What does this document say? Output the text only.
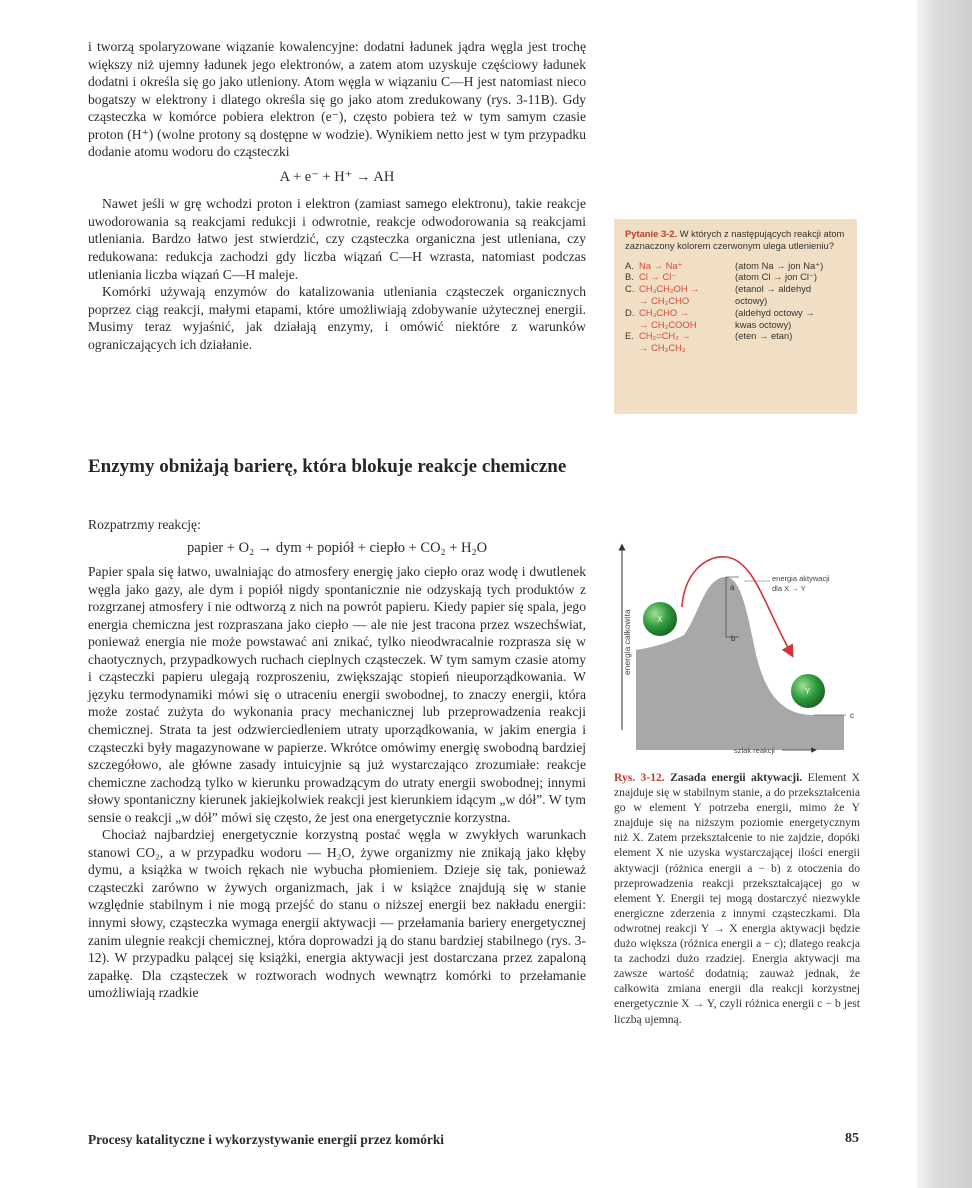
i tworzą spolaryzowane wiązanie kowalencyjne: dodatni ładunek jądra węgla jest trochę większy niż ujemny ładunek jego elektronów, a zatem atom uzyskuje częściowy ładunek dodatni i określa się go jako utleniony. Atom węgla w wiązaniu C—H jest natomiast nieco bogatszy w elektrony i dlatego określa się go jako atom zredukowany (rys. 3-11B). Gdy cząsteczka w komórce pobiera elektron (e⁻), często pobiera też w tym samym czasie proton (H⁺) (wolne protony są dostępne w wodzie). Wynikiem netto jest w tym przypadku dodanie atomu wodoru do cząsteczki

A + e⁻ + H⁺ → AH

Nawet jeśli w grę wchodzi proton i elektron (zamiast samego elektronu), takie reakcje uwodorowania są reakcjami redukcji i odwrotnie, reakcje odwodorowania są reakcjami utleniania. Bardzo łatwo jest stwierdzić, czy cząsteczka organiczna jest utleniana, czy redukowana: redukcja zachodzi gdy liczba wiązań C—H wzrasta, natomiast podczas utleniania liczba wiązań C—H maleje.

Komórki używają enzymów do katalizowania utleniania cząsteczek organicznych poprzez ciąg reakcji, małymi etapami, które umożliwiają zdobywanie użytecznej energii. Musimy teraz wyjaśnić, jak działają enzymy, i omówić niektóre z warunków ograniczających ich działanie.

Enzymy obniżają barierę, która blokuje reakcje chemiczne

Rozpatrzmy reakcję:

papier + O₂ → dym + popiół + ciepło + CO₂ + H₂O

Papier spala się łatwo, uwalniając do atmosfery energię jako ciepło oraz wodę i dwutlenek węgla jako gazy, ale dym i popiół nigdy spontanicznie nie odzyskają tych produktów z rozgrzanej atmosfery i nie odtworzą z nich na powrót papieru. Kiedy papier się spala, jego energia chemiczna jest rozpraszana jako ciepło — ale nie jest tracona przez wszechświat, ponieważ energia nie może powstawać ani znikać, tylko nieodwracalnie rozprasza się w chaotycznych, przypadkowych ruchach cieplnych cząsteczek. W tym samym czasie atomy i cząsteczki papieru ulegają rozproszeniu, zwiększając stopień nieuporządkowania. W języku termodynamiki mówi się o utraceniu energii swobodnej, to znaczy energii, która może zostać zużyta do wykonania pracy mechanicznej lub przeprowadzenia reakcji chemicznej. Strata ta jest odzwierciedleniem utraty uporządkowania, w jakim energia i cząsteczki były magazynowane w papierze. Wkrótce omówimy energię swobodną bardziej szczegółowo, ale główne zasady intuicyjnie są już wystarczająco zrozumiałe: reakcje chemiczne zachodzą tylko w kierunku prowadzącym do utraty energii swobodnej; innymi słowy spontaniczny kierunek jakiejkolwiek reakcji jest kierunkiem idącym „w dół”. W tym sensie o reakcji „w dół” mówi się często, że jest ona energetycznie korzystna.

Chociaż najbardziej energetycznie korzystną postać węgla w zwykłych warunkach stanowi CO₂, a w przypadku wodoru — H₂O, żywe organizmy nie znikają jako kłęby dymu, a książka w twoich rękach nie wybucha płomieniem. Dzieje się tak, ponieważ cząsteczki zarówno w żywych organizmach, jak i w książce znajdują się w stanie względnie stabilnym i nie mogą przejść do stanu o niższej energii bez nakładu energii: innymi słowy, cząsteczka wymaga energii aktywacji — przełamania bariery energetycznej zanim ulegnie reakcji chemicznej, która doprowadzi ją do stanu bardziej stabilnego (rys. 3-12). W przypadku palącej się książki, energia aktywacji jest dostarczana przez zapaloną zapałkę. Dla cząsteczek w roztworach wodnych wewnątrz komórki to przełamanie umożliwiają rzadkie

Pytanie 3-2. W których z następujących reakcji atom zaznaczony kolorem czerwonym ulega utlenieniu?
A. Na → Na⁺	(atom Na → jon Na⁺)
B. Cl → Cl⁻	(atom Cl → jon Cl⁻)
C. CH₃CH₂OH →	(etanol → aldehyd
→ CH₃CHO	octowy)
D. CH₃CHO →	(aldehyd octowy →
→ CH₃COOH	kwas octowy)
E. CH₂=CH₂ →	(eten → etan)
→ CH₃CH₃
energia całkowita
a
b
c
energia aktywacji
dla X → Y
X
Y
szlak reakcji
Rys. 3-12. Zasada energii aktywacji. Element X znajduje się w stabilnym stanie, a do przekształcenia go w element Y potrzeba energii, mimo że Y znajduje się na niższym poziomie energetycznym niż X. Zatem przekształcenie to nie zajdzie, dopóki element X nie uzyska wystarczającej ilości energii aktywacji (różnica energii a − b) z otoczenia do przeprowadzenia reakcji przekształcającej go w element Y. Energii tej mogą dostarczyć niezwykle energiczne zderzenia z innymi cząsteczkami. Dla odwrotnej reakcji Y → X energia aktywacji będzie dużo większa (różnica energii a − c); dlatego reakcja ta zachodzi dużo rzadziej. Energia aktywacji ma zawsze wartość dodatnią; zauważ jednak, że całkowita zmiana energii dla reakcji korzystnej energetycznie X → Y, czyli różnica energii c − b jest liczbą ujemną.
Procesy katalityczne i wykorzystywanie energii przez komórki	85
